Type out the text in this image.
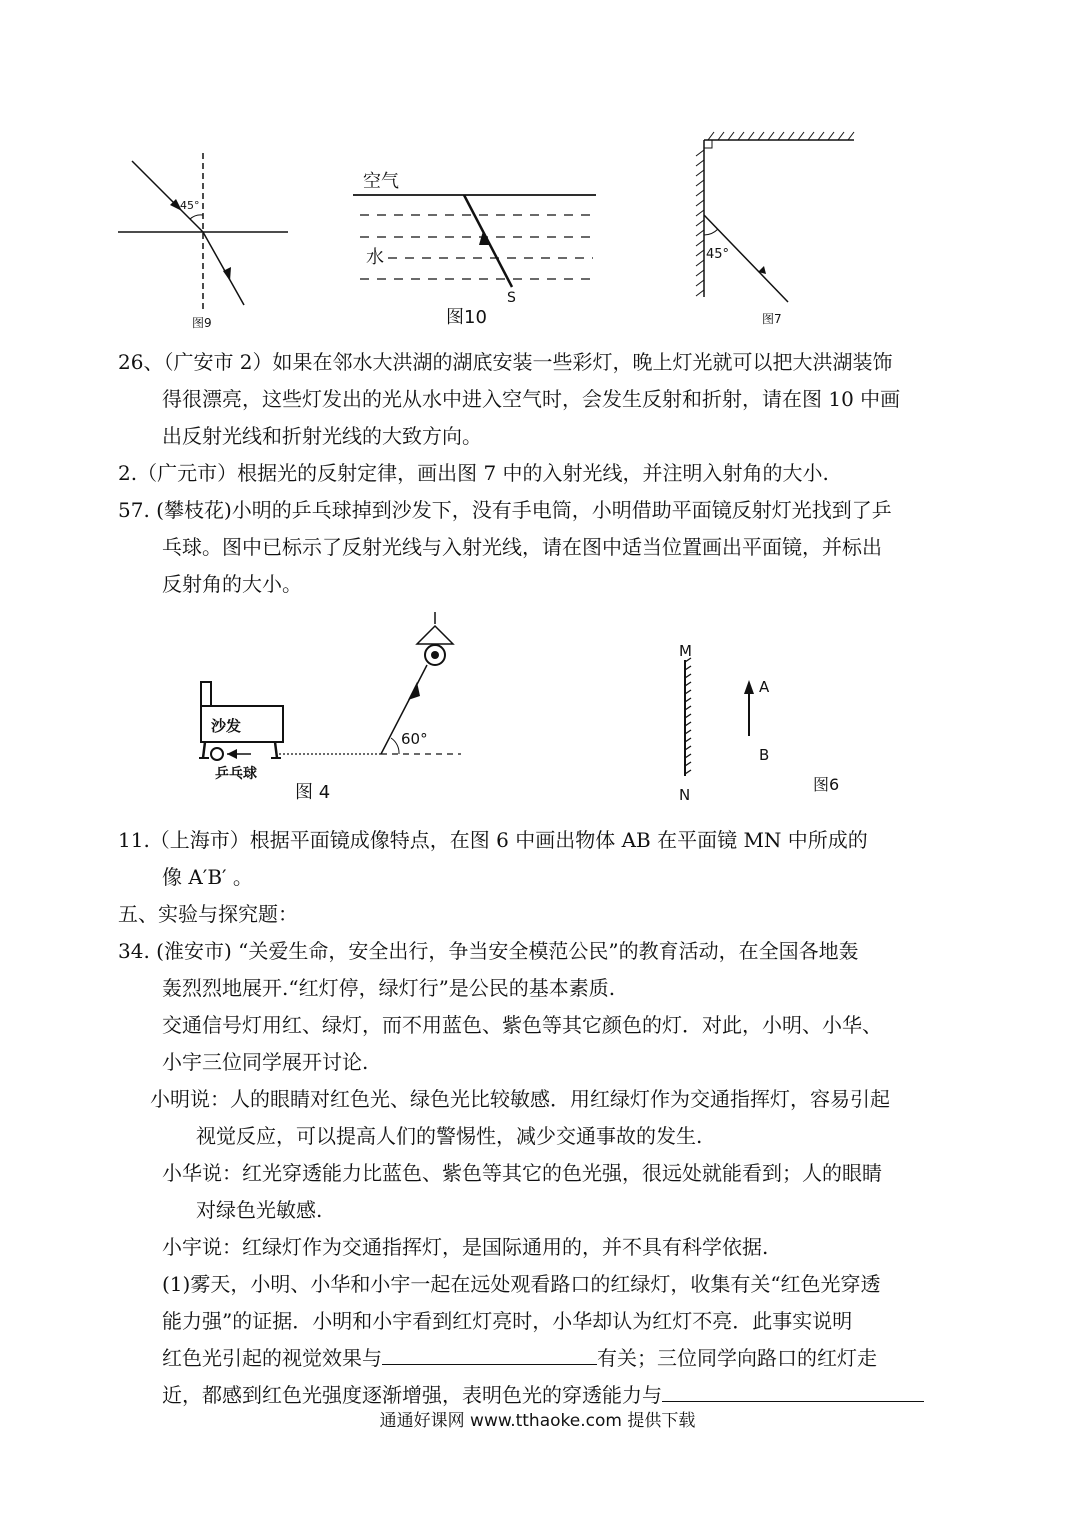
45°
图9
空气
水
S
图10
45°
图7
26、（广安市 2）如果在邻水大洪湖的湖底安装一些彩灯，晚上灯光就可以把大洪湖装饰
得很漂亮，这些灯发出的光从水中进入空气时，会发生反射和折射，请在图 10 中画
出反射光线和折射光线的大致方向。
2.（广元市）根据光的反射定律，画出图 7 中的入射光线，并注明入射角的大小.
57. (攀枝花)小明的乒乓球掉到沙发下，没有手电筒，小明借助平面镜反射灯光找到了乒
乓球。图中已标示了反射光线与入射光线，请在图中适当位置画出平面镜，并标出
反射角的大小。
60°
沙发
乒乓球
图 4
M
N
A
B
图6
11.（上海市）根据平面镜成像特点，在图 6 中画出物体 AB 在平面镜 MN 中所成的
像 A′B′ 。
五、实验与探究题：
34. (淮安市) “关爱生命，安全出行，争当安全模范公民”的教育活动，在全国各地轰
轰烈烈地展开.“红灯停，绿灯行”是公民的基本素质.
交通信号灯用红、绿灯，而不用蓝色、紫色等其它颜色的灯．对此，小明、小华、
小宇三位同学展开讨论.
小明说：人的眼睛对红色光、绿色光比较敏感．用红绿灯作为交通指挥灯，容易引起
视觉反应，可以提高人们的警惕性，减少交通事故的发生.
小华说：红光穿透能力比蓝色、紫色等其它的色光强，很远处就能看到；人的眼睛
对绿色光敏感.
小宇说：红绿灯作为交通指挥灯，是国际通用的，并不具有科学依据.
(1)雾天，小明、小华和小宇一起在远处观看路口的红绿灯，收集有关“红色光穿透
能力强”的证据．小明和小宇看到红灯亮时，小华却认为红灯不亮．此事实说明
红色光引起的视觉效果与	有关；三位同学向路口的红灯走
近，都感到红色光强度逐渐增强，表明色光的穿透能力与
通通好课网 www.tthaoke.com 提供下载
